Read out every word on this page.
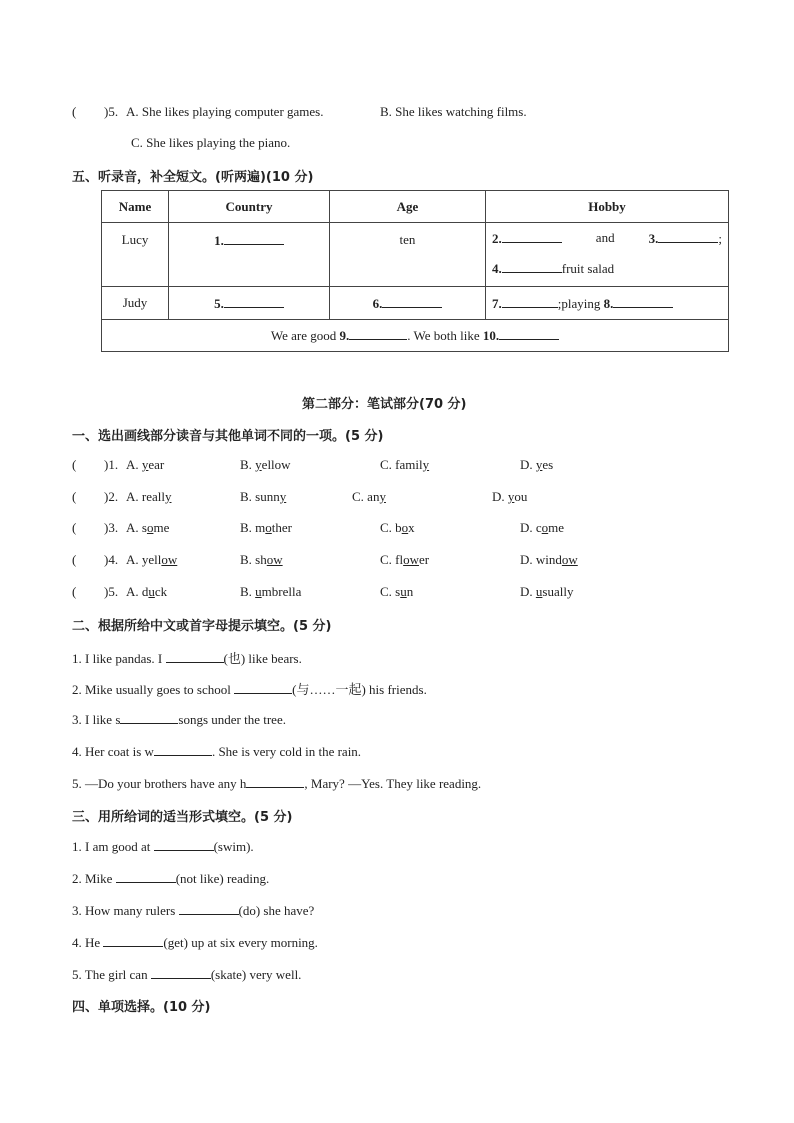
( )5. A. She likes playing computer games.	B. She likes watching films.
C. She likes playing the piano.
五、听录音，补全短文。(听两遍)(10 分)
Name	Country	Age	Hobby
Lucy	1.	ten	2. and 3. ;
4. fruit salad

Judy	5.	6.	7. ;playing 8.
We are good 9. . We both like 10.			
第二部分：笔试部分(70 分)
一、选出画线部分读音与其他单词不同的一项。(5 分)
( )1. A. year	B. yellow	C. family	D. yes
( )2. A. really	B. sunny	C. any	D. you
( )3. A. some	B. mother	C. box	D. come
( )4. A. yellow	B. show	C. flower	D. window
( )5. A. duck	B. umbrella	C. sun	D. usually
二、根据所给中文或首字母提示填空。(5 分)
1. I like pandas. I	(也) like bears.
2. Mike usually goes to school	(与……一起) his friends.
3. I like s	songs under the tree.
4. Her coat is w	. She is very cold in the rain.
5. —Do your brothers have any h	, Mary? —Yes. They like reading.
三、用所给词的适当形式填空。(5 分)
1. I am good at	(swim).
2. Mike	(not like) reading.
3. How many rulers	(do) she have?
4. He	(get) up at six every morning.
5. The girl can	(skate) very well.
四、单项选择。(10 分)
